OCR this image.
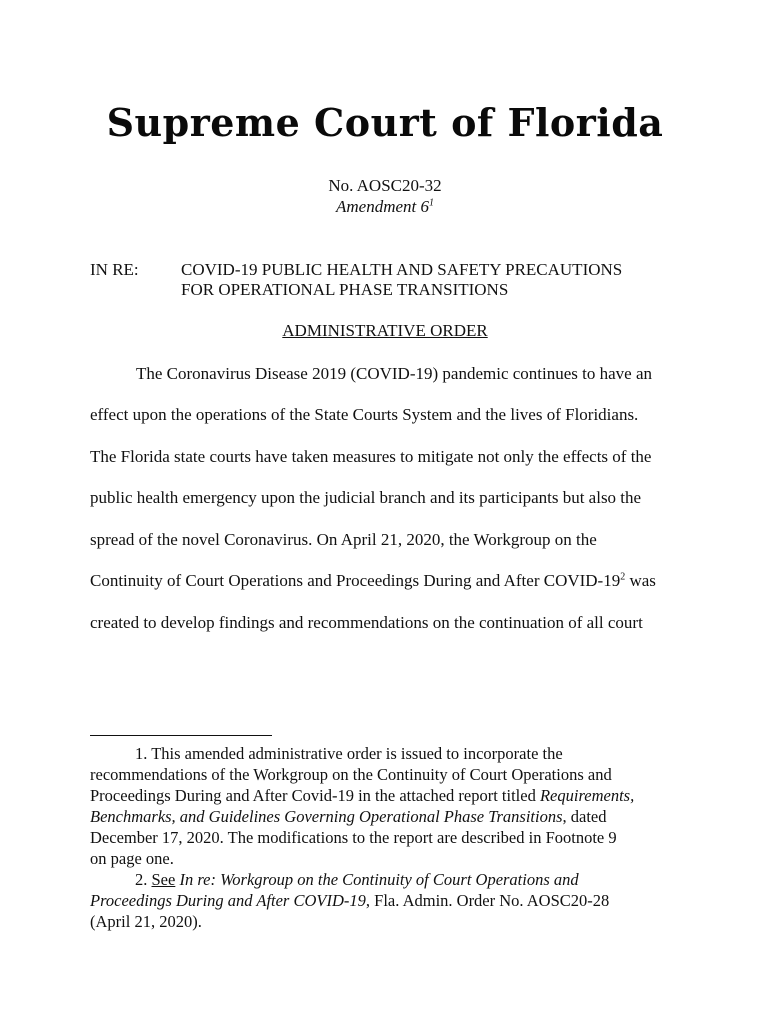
Supreme Court of Florida
No. AOSC20-32
Amendment $6^1$
IN RE: COVID-19 PUBLIC HEALTH AND SAFETY PRECAUTIONS
FOR OPERATIONAL PHASE TRANSITIONS
ADMINISTRATIVE ORDER
The Coronavirus Disease 2019 (COVID-19) pandemic continues to have an
effect upon the operations of the State Courts System and the lives of Floridians.
The Florida state courts have taken measures to mitigate not only the effects of the
public health emergency upon the judicial branch and its participants but also the
spread of the novel Coronavirus. On April 21, 2020, the Workgroup on the
Continuity of Court Operations and Proceedings During and After COVID-$19^2$ was
created to develop findings and recommendations on the continuation of all court
1. This amended administrative order is issued to incorporate the
recommendations of the Workgroup on the Continuity of Court Operations and
Proceedings During and After Covid-19 in the attached report titled Requirements,
Benchmarks, and Guidelines Governing Operational Phase Transitions, dated
December 17, 2020. The modifications to the report are described in Footnote 9
on page one.
2. See In re: Workgroup on the Continuity of Court Operations and
Proceedings During and After COVID-19, Fla. Admin. Order No. AOSC20-28
(April 21, 2020).
